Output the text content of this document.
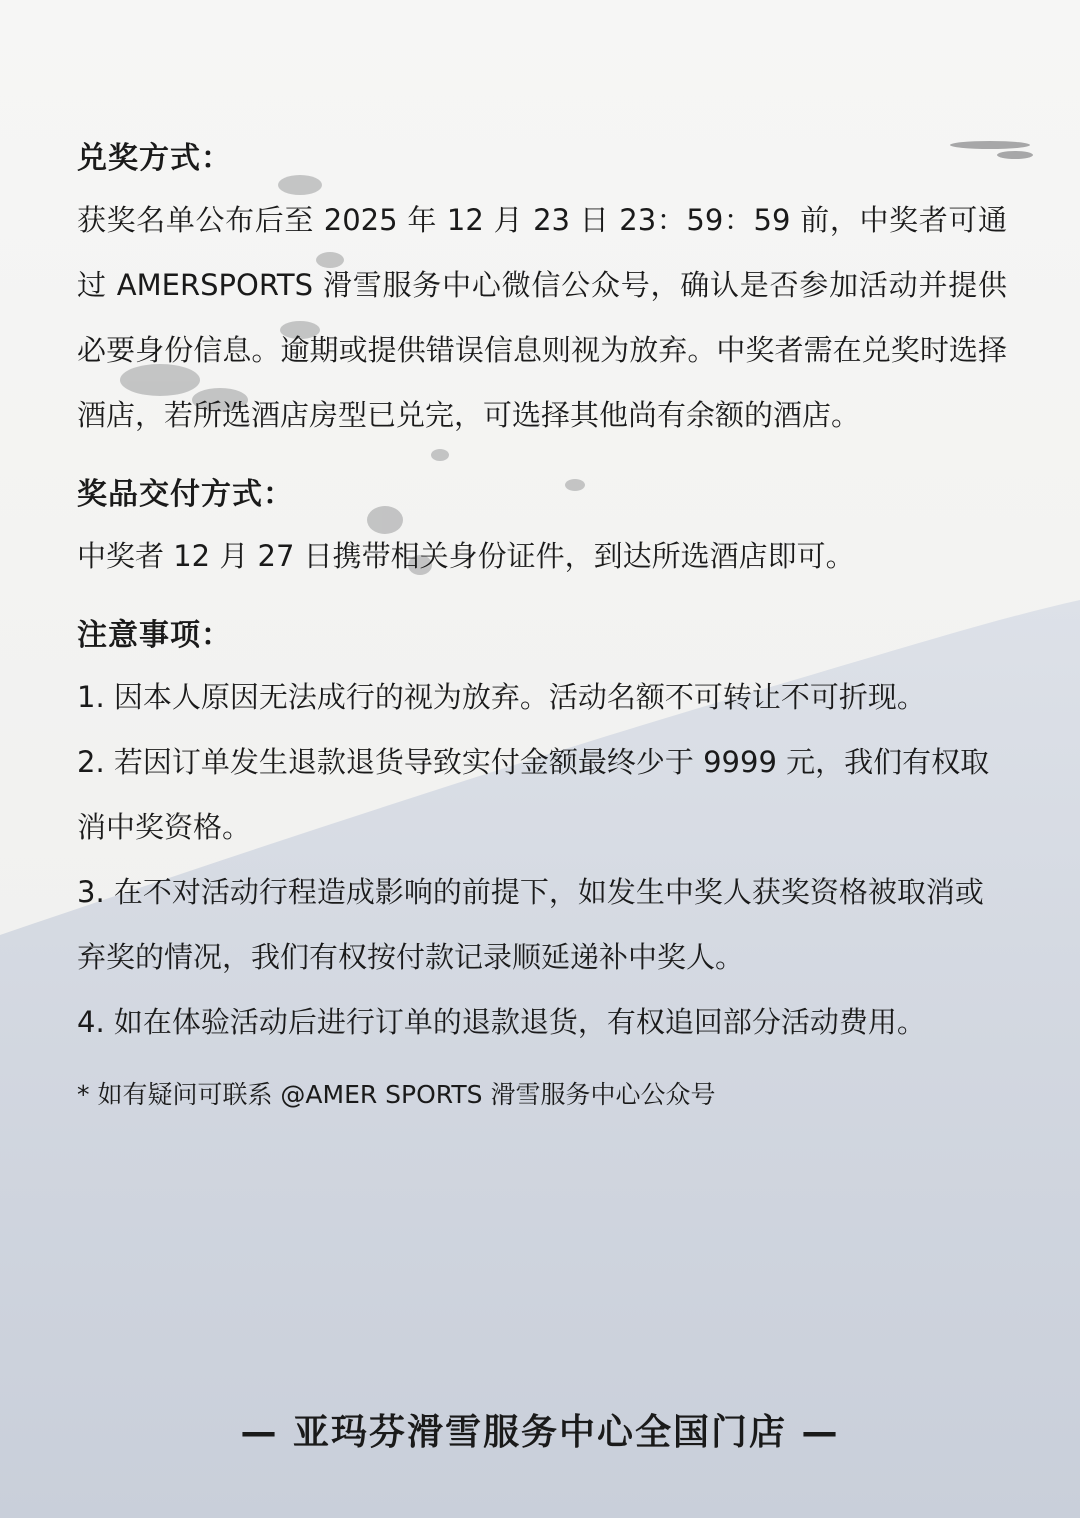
兑奖方式：

获奖名单公布后至 2025 年 12 月 23 日 23：59：59 前，中奖者可通过 AMERSPORTS 滑雪服务中心微信公众号，确认是否参加活动并提供必要身份信息。逾期或提供错误信息则视为放弃。中奖者需在兑奖时选择酒店，若所选酒店房型已兑完，可选择其他尚有余额的酒店。

奖品交付方式：

中奖者 12 月 27 日携带相关身份证件，到达所选酒店即可。

注意事项：
1. 因本人原因无法成行的视为放弃。活动名额不可转让不可折现。
2. 若因订单发生退款退货导致实付金额最终少于 9999 元，我们有权取消中奖资格。
3. 在不对活动行程造成影响的前提下，如发生中奖人获奖资格被取消或弃奖的情况，我们有权按付款记录顺延递补中奖人。
4. 如在体验活动后进行订单的退款退货，有权追回部分活动费用。
* 如有疑问可联系 @AMER SPORTS 滑雪服务中心公众号
— 亚玛芬滑雪服务中心全国门店 —
